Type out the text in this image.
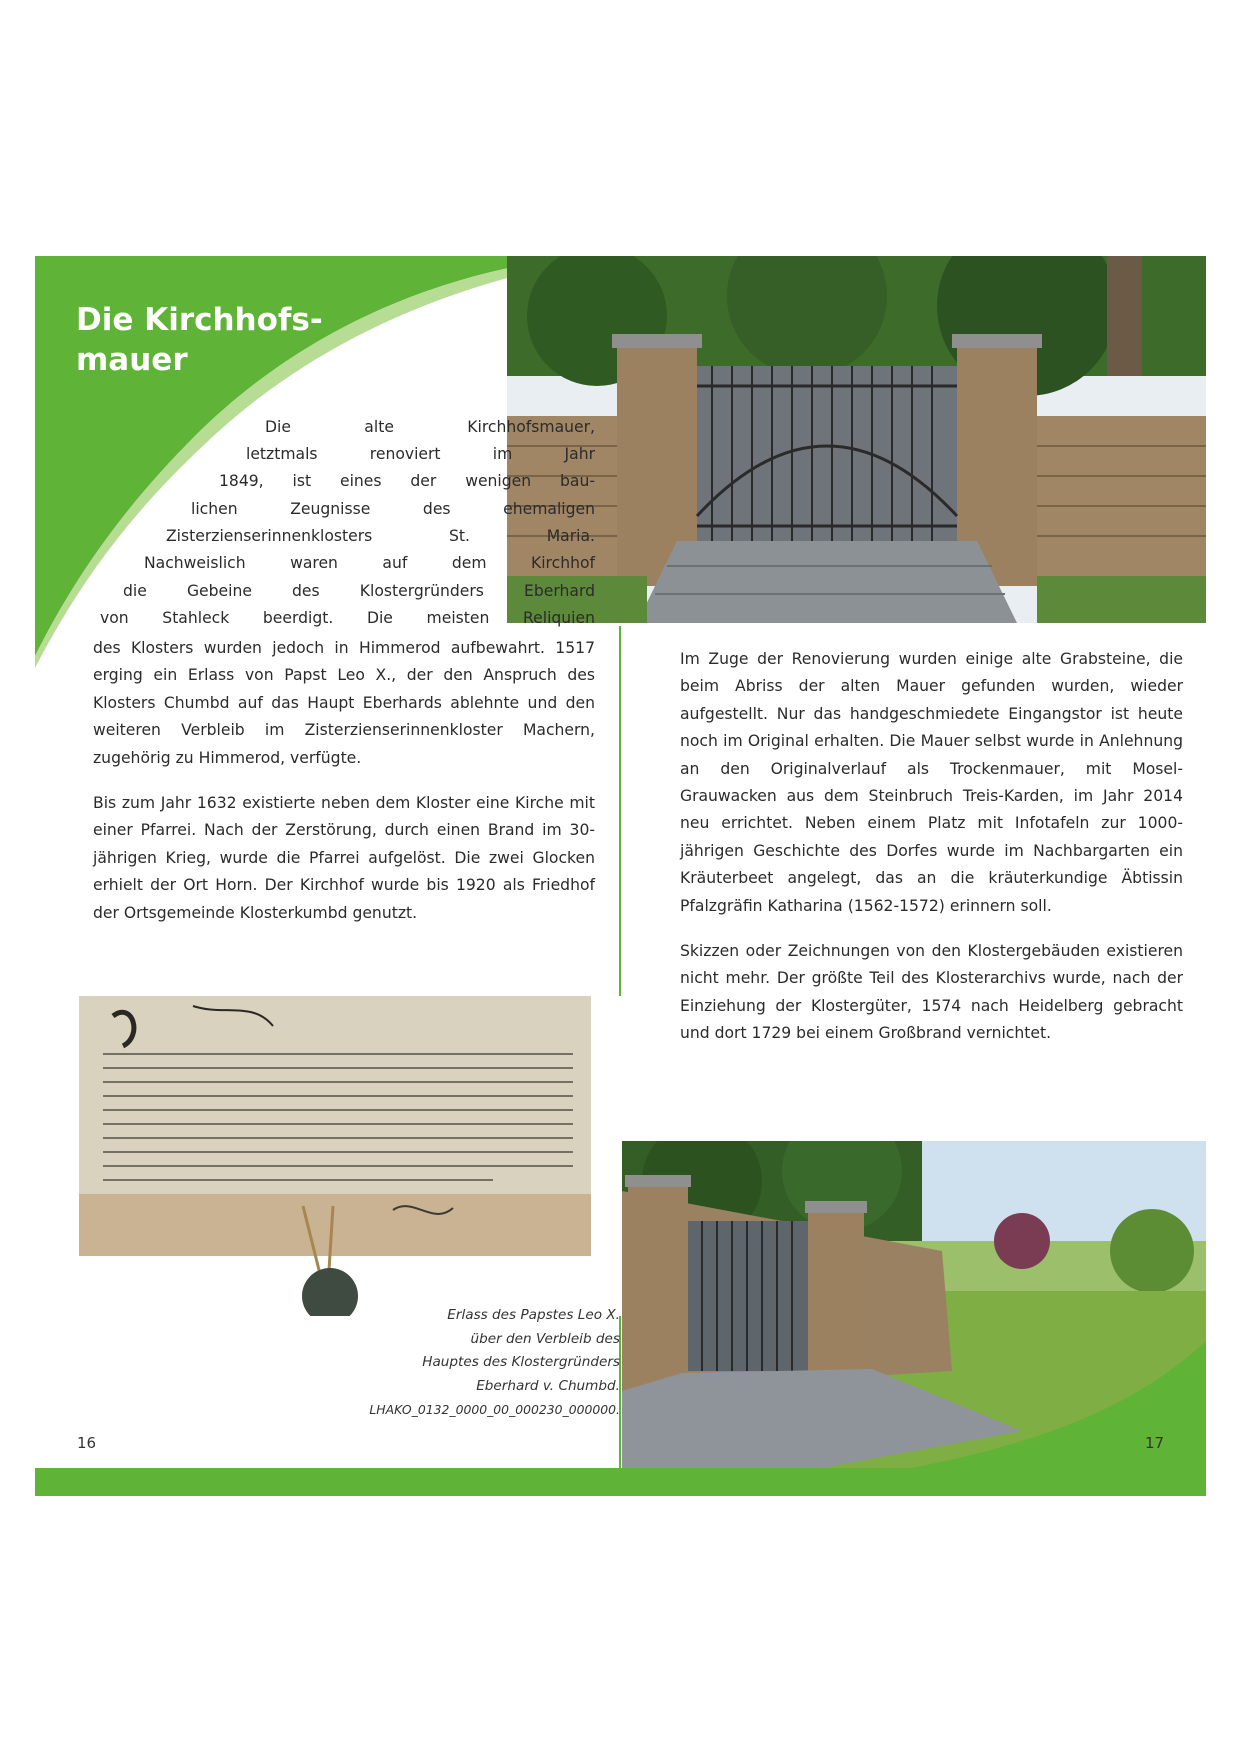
Die Kirchhofs-
mauer

Die alte Kirchhofsmauer,

letztmals renoviert im Jahr

1849, ist eines der wenigen bau-

lichen Zeugnisse des ehemaligen

Zisterzienserinnenklosters St. Maria.

Nachweislich waren auf dem Kirchhof

die Gebeine des Klostergründers Eberhard

von Stahleck beerdigt. Die meisten Reliquien

des Klosters wurden jedoch in Himmerod aufbewahrt. 1517 erging ein Erlass von Papst Leo X., der den Anspruch des Klosters Chumbd auf das Haupt Eberhards ablehnte und den weiteren Verbleib im Zisterzienserinnenkloster Machern, zugehörig zu Himmerod, verfügte.

Bis zum Jahr 1632 existierte neben dem Kloster eine Kirche mit einer Pfarrei. Nach der Zerstörung, durch einen Brand im 30-jährigen Krieg, wurde die Pfarrei aufgelöst. Die zwei Glocken erhielt der Ort Horn. Der Kirchhof wurde bis 1920 als Friedhof der Ortsgemeinde Klosterkumbd genutzt.

Im Zuge der Renovierung wurden einige alte Grabsteine, die beim Abriss der alten Mauer gefunden wurden, wieder aufgestellt. Nur das handgeschmiedete Eingangstor ist heute noch im Original erhalten. Die Mauer selbst wurde in Anlehnung an den Originalverlauf als Trockenmauer, mit Mosel-Grauwacken aus dem Steinbruch Treis-Karden, im Jahr 2014 neu errichtet. Neben einem Platz mit Infotafeln zur 1000-jährigen Geschichte des Dorfes wurde im Nachbargarten ein Kräuterbeet angelegt, das an die kräuterkundige Äbtissin Pfalzgräfin Katharina (1562-1572) erinnern soll.

Skizzen oder Zeichnungen von den Klostergebäuden existieren nicht mehr. Der größte Teil des Klosterarchivs wurde, nach der Einziehung der Klostergüter, 1574 nach Heidelberg gebracht und dort 1729 bei einem Großbrand vernichtet.

Erlass des Papstes Leo X.
über den Verbleib des
Hauptes des Klostergründers
Eberhard v. Chumbd.
LHAKO_0132_0000_00_000230_000000.

16	17
